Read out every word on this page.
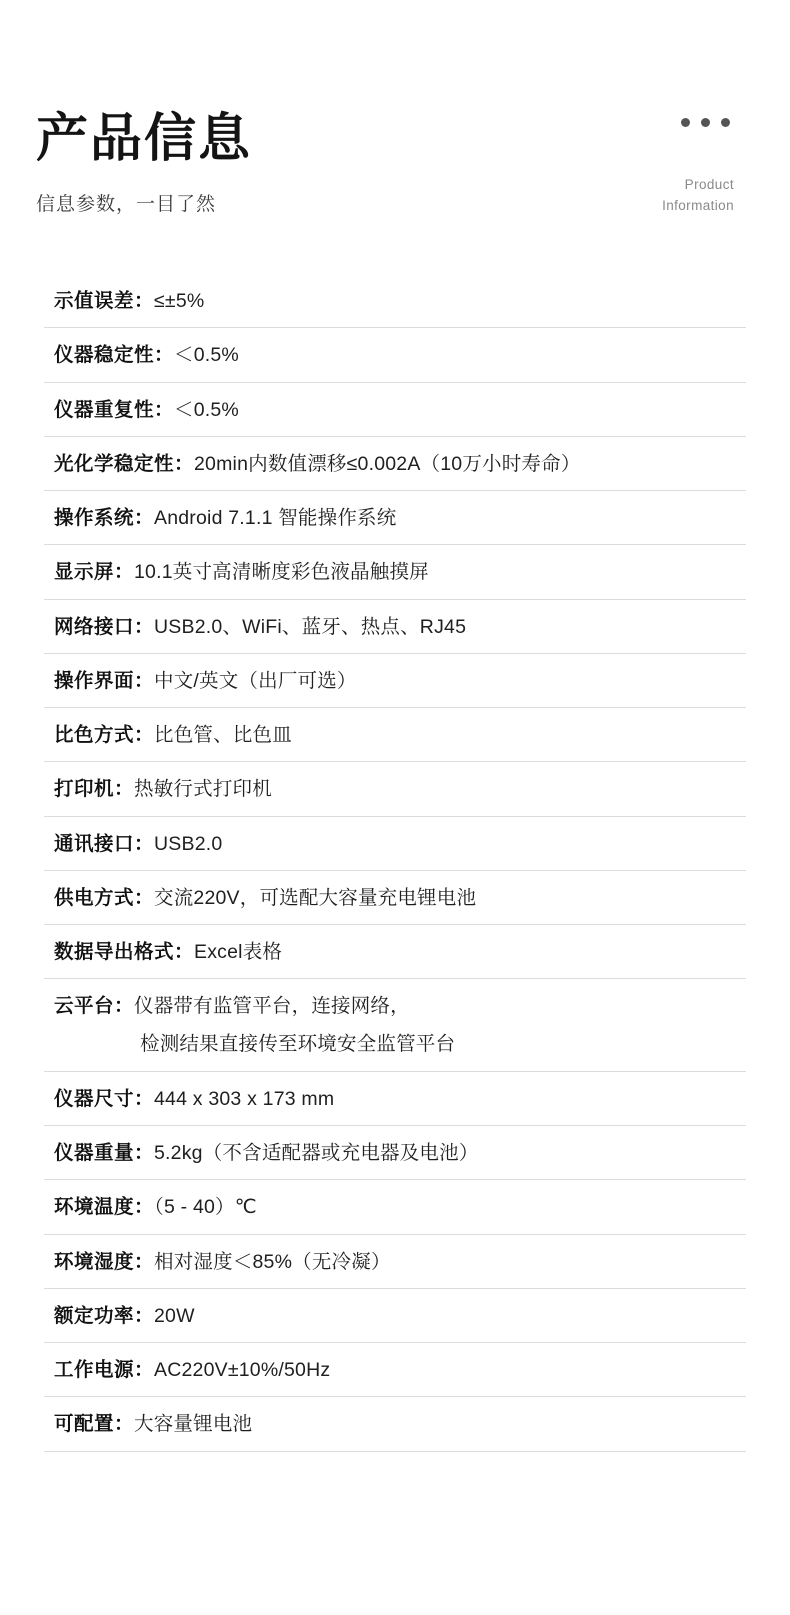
产品信息
信息参数，一目了然
Product
Information
示值误差：≤±5%
仪器稳定性：＜0.5%
仪器重复性：＜0.5%
光化学稳定性：20min内数值漂移≤0.002A（10万小时寿命）
操作系统：Android 7.1.1 智能操作系统
显示屏：10.1英寸高清晰度彩色液晶触摸屏
网络接口：USB2.0、WiFi、蓝牙、热点、RJ45
操作界面：中文/英文（出厂可选）
比色方式：比色管、比色皿
打印机：热敏行式打印机
通讯接口：USB2.0
供电方式：交流220V，可选配大容量充电锂电池
数据导出格式：Excel表格
云平台：仪器带有监管平台，连接网络，
检测结果直接传至环境安全监管平台
仪器尺寸：444 x 303 x 173 mm
仪器重量：5.2kg（不含适配器或充电器及电池）
环境温度：（5 - 40）℃
环境湿度：相对湿度＜85%（无冷凝）
额定功率：20W
工作电源：AC220V±10%/50Hz
可配置：大容量锂电池
